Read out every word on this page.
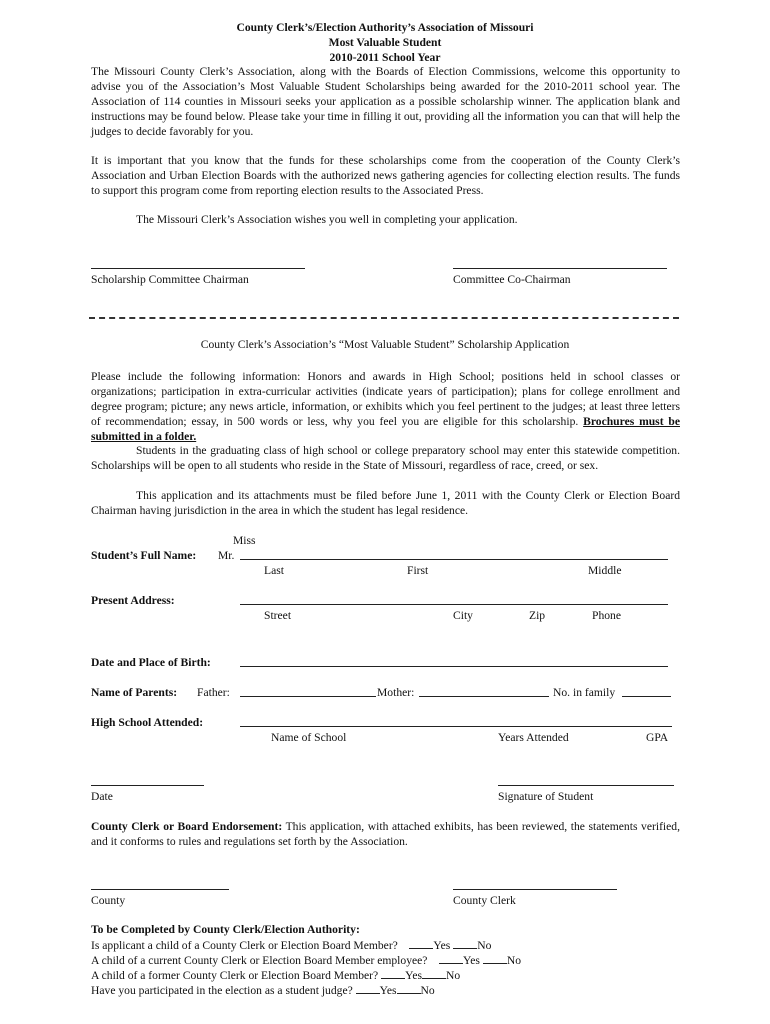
County Clerk’s/Election Authority’s Association of Missouri
Most Valuable Student
2010-2011 School Year
The Missouri County Clerk’s Association, along with the Boards of Election Commissions, welcome this opportunity to advise you of the Association’s Most Valuable Student Scholarships being awarded for the 2010-2011 school year. The Association of 114 counties in Missouri seeks your application as a possible scholarship winner. The application blank and instructions may be found below. Please take your time in filling it out, providing all the information you can that will help the judges to decide favorably for you.
It is important that you know that the funds for these scholarships come from the cooperation of the County Clerk’s Association and Urban Election Boards with the authorized news gathering agencies for collecting election results. The funds to support this program come from reporting election results to the Associated Press.
The Missouri Clerk’s Association wishes you well in completing your application.
Scholarship Committee Chairman	Committee Co-Chairman
County Clerk’s Association’s “Most Valuable Student” Scholarship Application
Please include the following information: Honors and awards in High School; positions held in school classes or organizations; participation in extra-curricular activities (indicate years of participation); plans for college enrollment and degree program; picture; any news article, information, or exhibits which you feel pertinent to the judges; at least three letters of recommendation; essay, in 500 words or less, why you feel you are eligible for this scholarship. Brochures must be submitted in a folder.
Students in the graduating class of high school or college preparatory school may enter this statewide competition. Scholarships will be open to all students who reside in the State of Missouri, regardless of race, creed, or sex.
This application and its attachments must be filed before June 1, 2011 with the County Clerk or Election Board Chairman having jurisdiction in the area in which the student has legal residence.
Miss
Student’s Full Name: Mr.
Last	First	Middle
Present Address:
Street	City	Zip	Phone
Date and Place of Birth:
Name of Parents: Father:	Mother:	No. in family
High School Attended:
Name of School	Years Attended	GPA
Date	Signature of Student
County Clerk or Board Endorsement: This application, with attached exhibits, has been reviewed, the statements verified, and it conforms to rules and regulations set forth by the Association.
County	County Clerk
To be Completed by County Clerk/Election Authority:
Is applicant a child of a County Clerk or Election Board Member?	Yes No
A child of a current County Clerk or Election Board Member employee?	Yes No
A child of a former County Clerk or Election Board Member? Yes No
Have you participated in the election as a student judge? Yes No
